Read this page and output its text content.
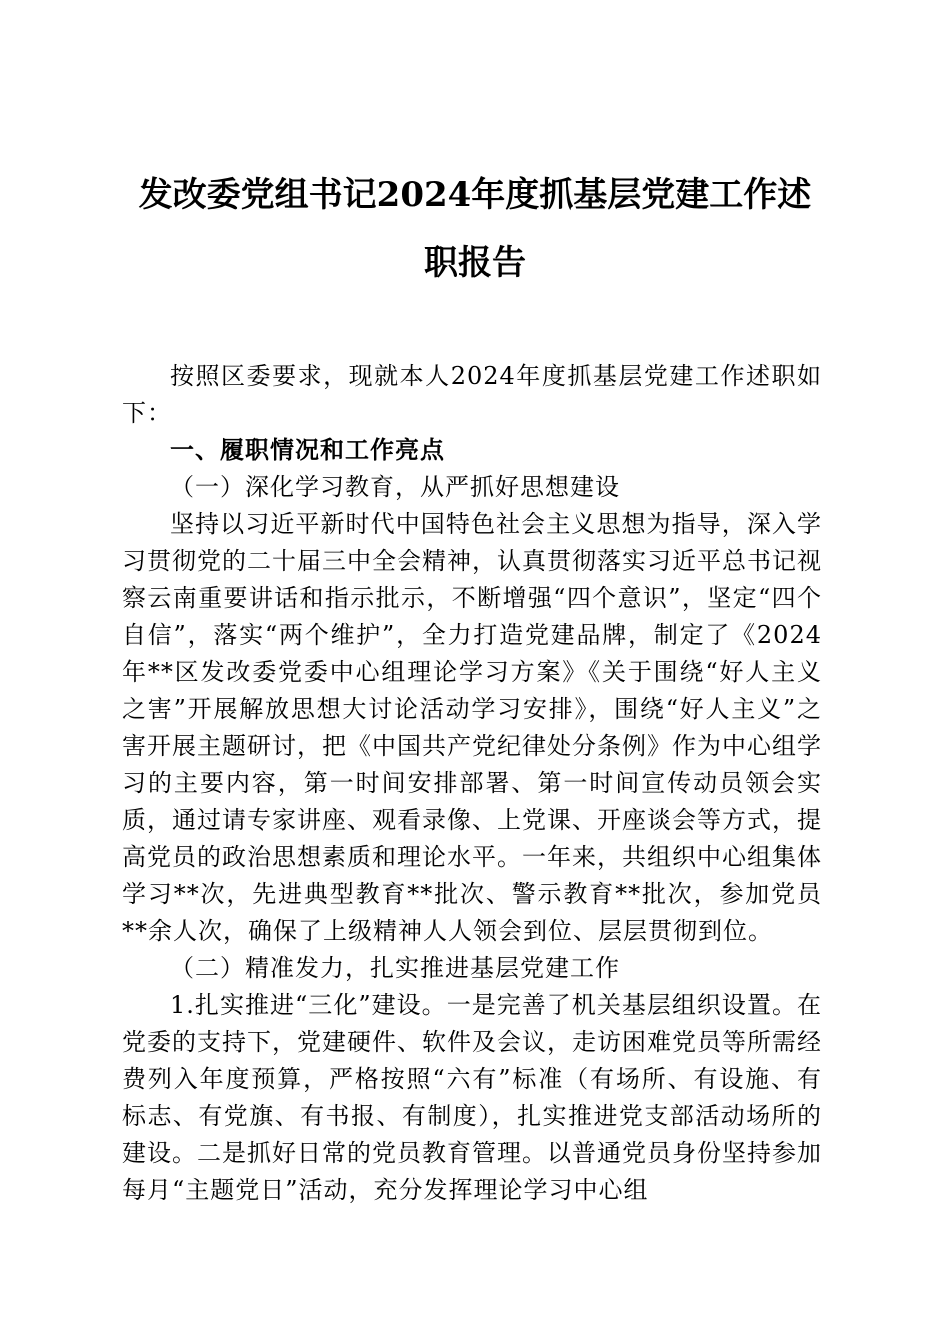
发改委党组书记2024年度抓基层党建工作述
职报告

按照区委要求，现就本人2024年度抓基层党建工作述职如下：

一、履职情况和工作亮点

（一）深化学习教育，从严抓好思想建设

坚持以习近平新时代中国特色社会主义思想为指导，深入学习贯彻党的二十届三中全会精神，认真贯彻落实习近平总书记视察云南重要讲话和指示批示，不断增强“四个意识”，坚定“四个自信”，落实“两个维护”，全力打造党建品牌，制定了《2024年**区发改委党委中心组理论学习方案》《关于围绕“好人主义之害”开展解放思想大讨论活动学习安排》，围绕“好人主义”之害开展主题研讨，把《中国共产党纪律处分条例》作为中心组学习的主要内容，第一时间安排部署、第一时间宣传动员领会实质，通过请专家讲座、观看录像、上党课、开座谈会等方式，提高党员的政治思想素质和理论水平。一年来，共组织中心组集体学习**次，先进典型教育**批次、警示教育**批次，参加党员**余人次，确保了上级精神人人领会到位、层层贯彻到位。

（二）精准发力，扎实推进基层党建工作

1.扎实推进“三化”建设。一是完善了机关基层组织设置。在党委的支持下，党建硬件、软件及会议，走访困难党员等所需经费列入年度预算，严格按照“六有”标准（有场所、有设施、有标志、有党旗、有书报、有制度），扎实推进党支部活动场所的建设。二是抓好日常的党员教育管理。以普通党员身份坚持参加每月“主题党日”活动，充分发挥理论学习中心组
